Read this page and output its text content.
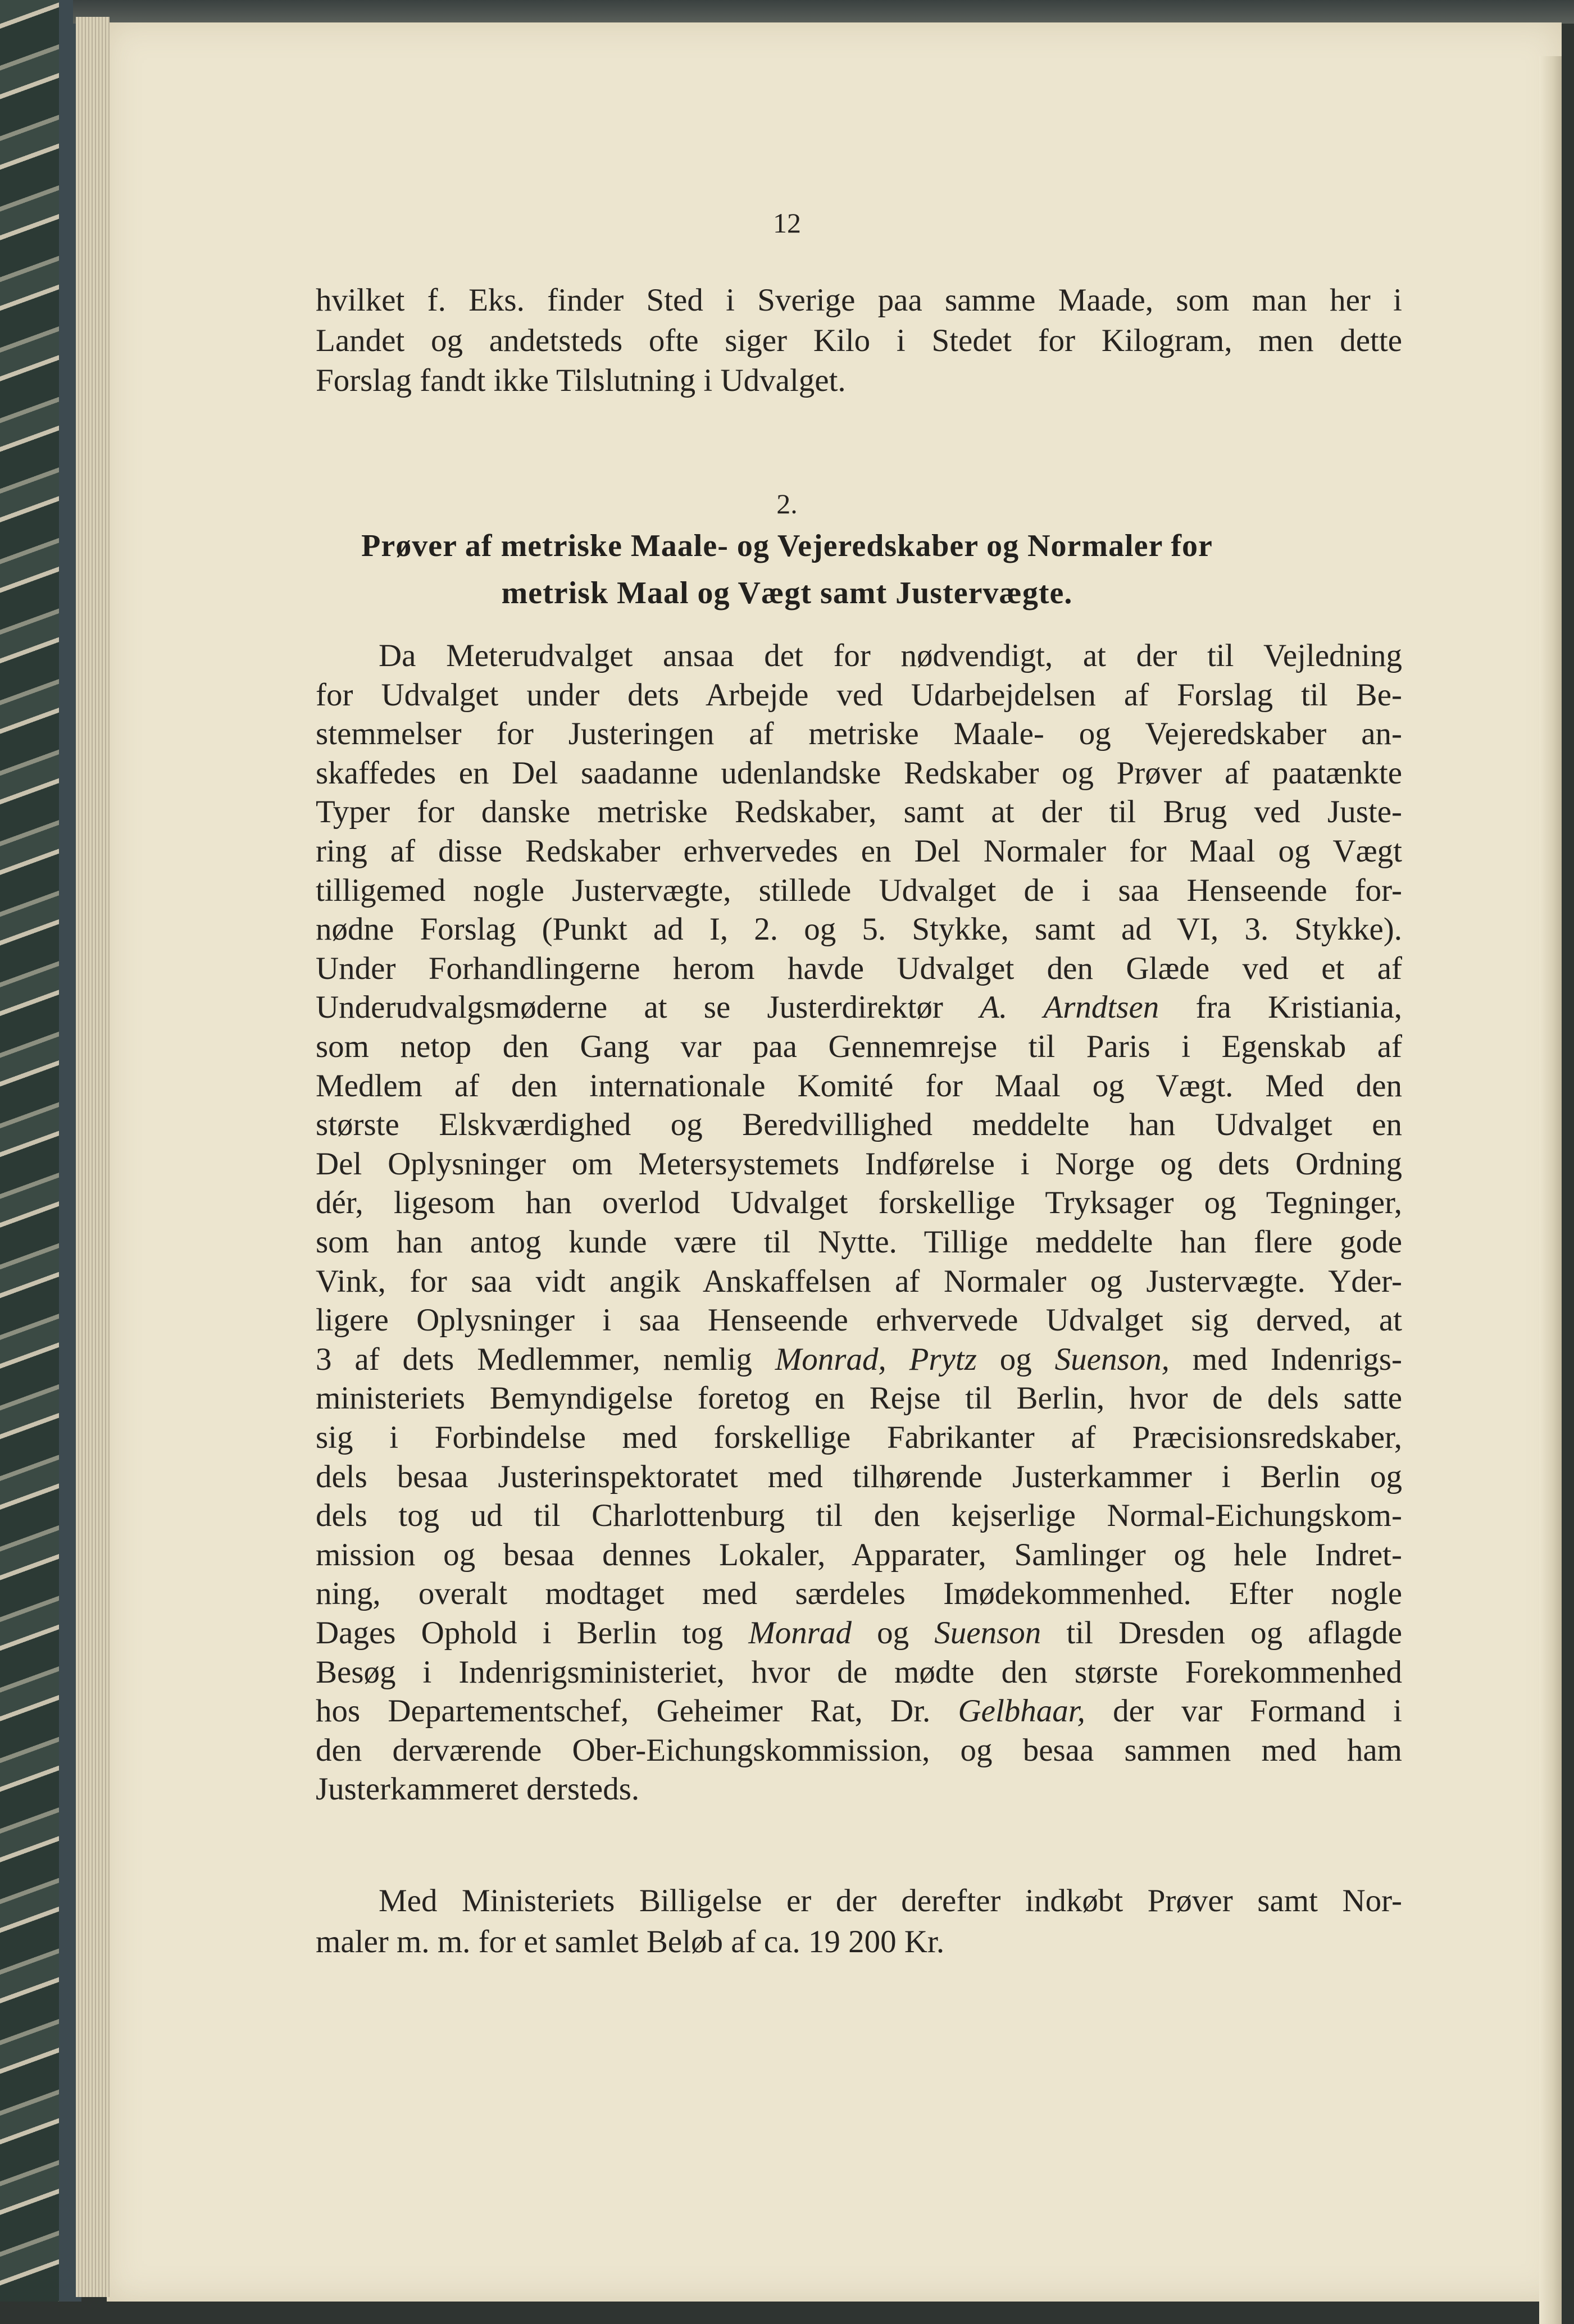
12
hvilket f. Eks. finder Sted i Sverige paa samme Maade, som man her i
Landet og andetsteds ofte siger Kilo i Stedet for Kilogram, men dette
Forslag fandt ikke Tilslutning i Udvalget.
2.
Prøver af metriske Maale- og Vejeredskaber og Normaler for
metrisk Maal og Vægt samt Justervægte.
Da Meterudvalget ansaa det for nødvendigt, at der til Vejledning
for Udvalget under dets Arbejde ved Udarbejdelsen af Forslag til Be-
stemmelser for Justeringen af metriske Maale- og Vejeredskaber an-
skaffedes en Del saadanne udenlandske Redskaber og Prøver af paatænkte
Typer for danske metriske Redskaber, samt at der til Brug ved Juste-
ring af disse Redskaber erhvervedes en Del Normaler for Maal og Vægt
tilligemed nogle Justervægte, stillede Udvalget de i saa Henseende for-
nødne Forslag (Punkt ad I, 2. og 5. Stykke, samt ad VI, 3. Stykke).
Under Forhandlingerne herom havde Udvalget den Glæde ved et af
Underudvalgsmøderne at se Justerdirektør A. Arndtsen fra Kristiania,
som netop den Gang var paa Gennemrejse til Paris i Egenskab af
Medlem af den internationale Komité for Maal og Vægt. Med den
største Elskværdighed og Beredvillighed meddelte han Udvalget en
Del Oplysninger om Metersystemets Indførelse i Norge og dets Ordning
dér, ligesom han overlod Udvalget forskellige Tryksager og Tegninger,
som han antog kunde være til Nytte. Tillige meddelte han flere gode
Vink, for saa vidt angik Anskaffelsen af Normaler og Justervægte. Yder-
ligere Oplysninger i saa Henseende erhvervede Udvalget sig derved, at
3 af dets Medlemmer, nemlig Monrad, Prytz og Suenson, med Indenrigs-
ministeriets Bemyndigelse foretog en Rejse til Berlin, hvor de dels satte
sig i Forbindelse med forskellige Fabrikanter af Præcisionsredskaber,
dels besaa Justerinspektoratet med tilhørende Justerkammer i Berlin og
dels tog ud til Charlottenburg til den kejserlige Normal-Eichungskom-
mission og besaa dennes Lokaler, Apparater, Samlinger og hele Indret-
ning, overalt modtaget med særdeles Imødekommenhed. Efter nogle
Dages Ophold i Berlin tog Monrad og Suenson til Dresden og aflagde
Besøg i Indenrigsministeriet, hvor de mødte den største Forekommenhed
hos Departementschef, Geheimer Rat, Dr. Gelbhaar, der var Formand i
den derværende Ober-Eichungskommission, og besaa sammen med ham
Justerkammeret dersteds.
Med Ministeriets Billigelse er der derefter indkøbt Prøver samt Nor-
maler m. m. for et samlet Beløb af ca. 19 200 Kr.
